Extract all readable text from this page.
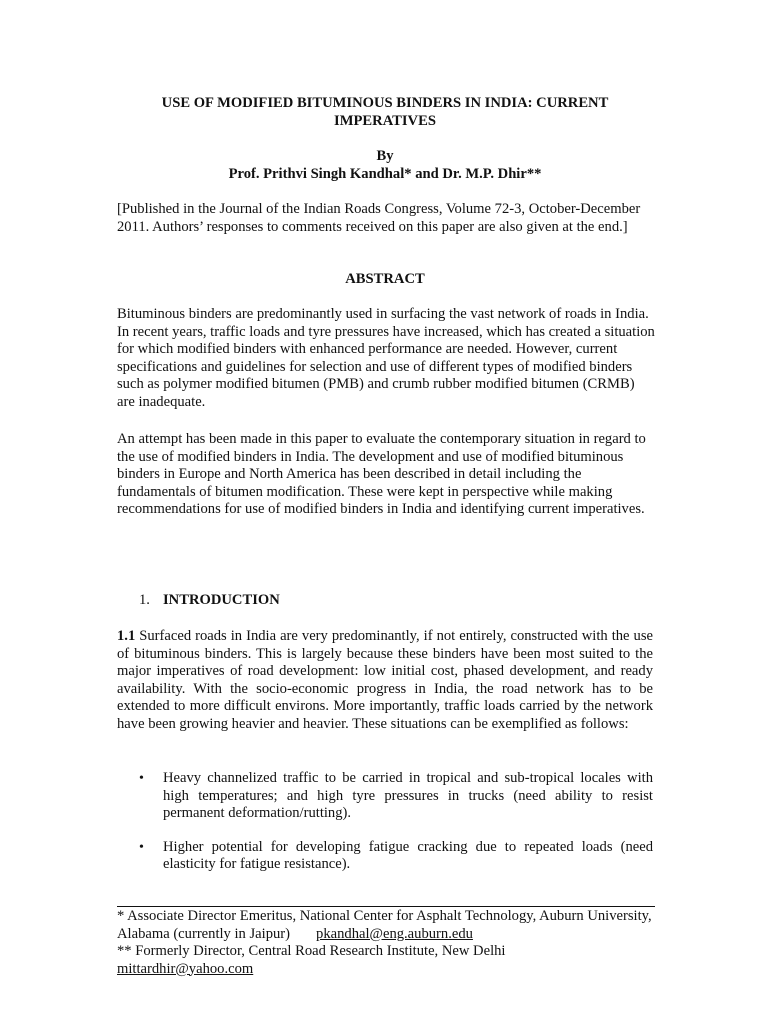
USE OF MODIFIED BITUMINOUS BINDERS IN INDIA: CURRENT
IMPERATIVES
By
Prof. Prithvi Singh Kandhal* and Dr. M.P. Dhir**
[Published in the Journal of the Indian Roads Congress, Volume 72-3, October-December 2011. Authors’ responses to comments received on this paper are also given at the end.]
ABSTRACT
Bituminous binders are predominantly used in surfacing the vast network of roads in India. In recent years, traffic loads and tyre pressures have increased, which has created a situation for which modified binders with enhanced performance are needed. However, current specifications and guidelines for selection and use of different types of modified binders such as polymer modified bitumen (PMB) and crumb rubber modified bitumen (CRMB) are inadequate.
An attempt has been made in this paper to evaluate the contemporary situation in regard to the use of modified binders in India. The development and use of modified bituminous binders in Europe and North America has been described in detail including the fundamentals of bitumen modification. These were kept in perspective while making recommendations for use of modified binders in India and identifying current imperatives.
1. INTRODUCTION
1.1 Surfaced roads in India are very predominantly, if not entirely, constructed with the use of bituminous binders. This is largely because these binders have been most suited to the major imperatives of road development: low initial cost, phased development, and ready availability. With the socio-economic progress in India, the road network has to be extended to more difficult environs. More importantly, traffic loads carried by the network have been growing heavier and heavier. These situations can be exemplified as follows:
• Heavy channelized traffic to be carried in tropical and sub-tropical locales with high temperatures; and high tyre pressures in trucks (need ability to resist permanent deformation/rutting).
• Higher potential for developing fatigue cracking due to repeated loads (need elasticity for fatigue resistance).
* Associate Director Emeritus, National Center for Asphalt Technology, Auburn University, Alabama (currently in Jaipur) pkandhal@eng.auburn.edu
** Formerly Director, Central Road Research Institute, New Delhi
mittardhir@yahoo.com
